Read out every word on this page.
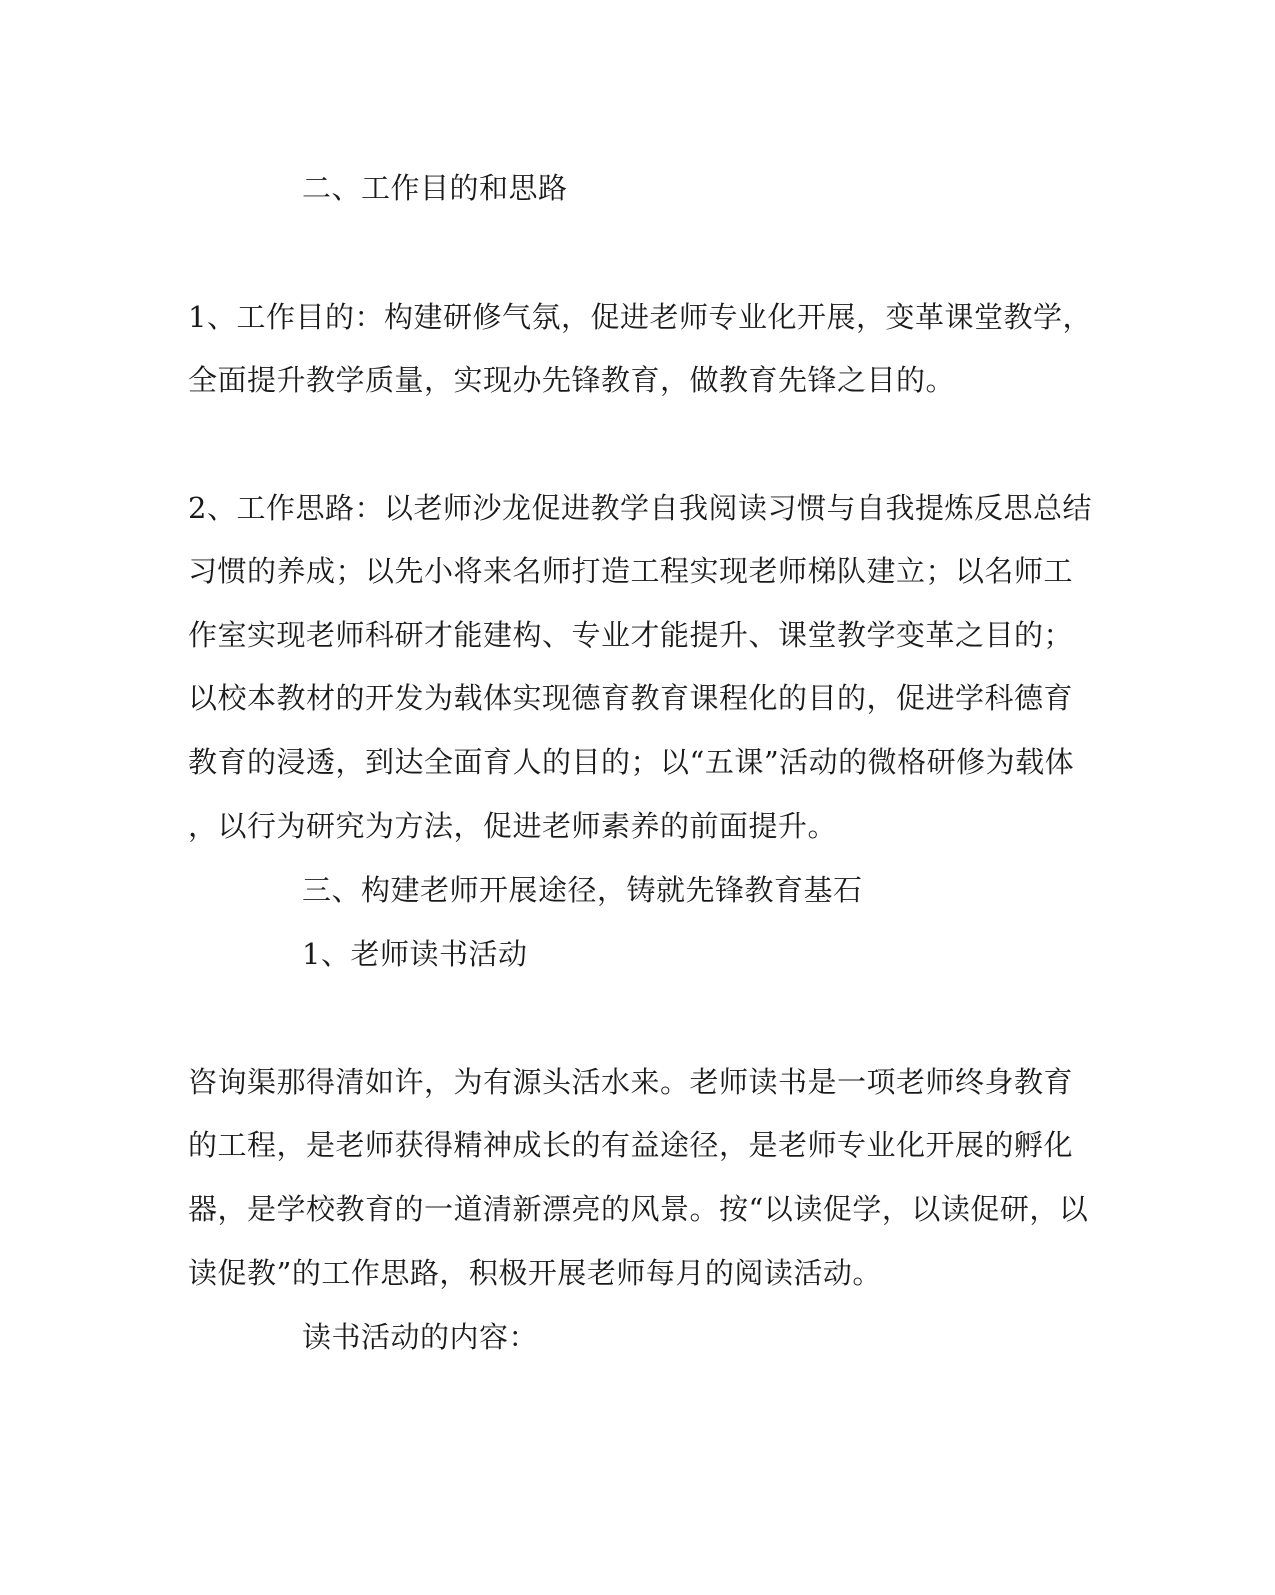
二、工作目的和思路
1、工作目的：构建研修气氛，促进老师专业化开展，变革课堂教学，
全面提升教学质量，实现办先锋教育，做教育先锋之目的。
2、工作思路：以老师沙龙促进教学自我阅读习惯与自我提炼反思总结
习惯的养成；以先小将来名师打造工程实现老师梯队建立；以名师工
作室实现老师科研才能建构、专业才能提升、课堂教学变革之目的；
以校本教材的开发为载体实现德育教育课程化的目的，促进学科德育
教育的浸透，到达全面育人的目的；以“五课”活动的微格研修为载体
，以行为研究为方法，促进老师素养的前面提升。
三、构建老师开展途径，铸就先锋教育基石
1、老师读书活动
咨询渠那得清如许，为有源头活水来。老师读书是一项老师终身教育
的工程，是老师获得精神成长的有益途径，是老师专业化开展的孵化
器，是学校教育的一道清新漂亮的风景。按“以读促学，以读促研，以
读促教”的工作思路，积极开展老师每月的阅读活动。
读书活动的内容：
